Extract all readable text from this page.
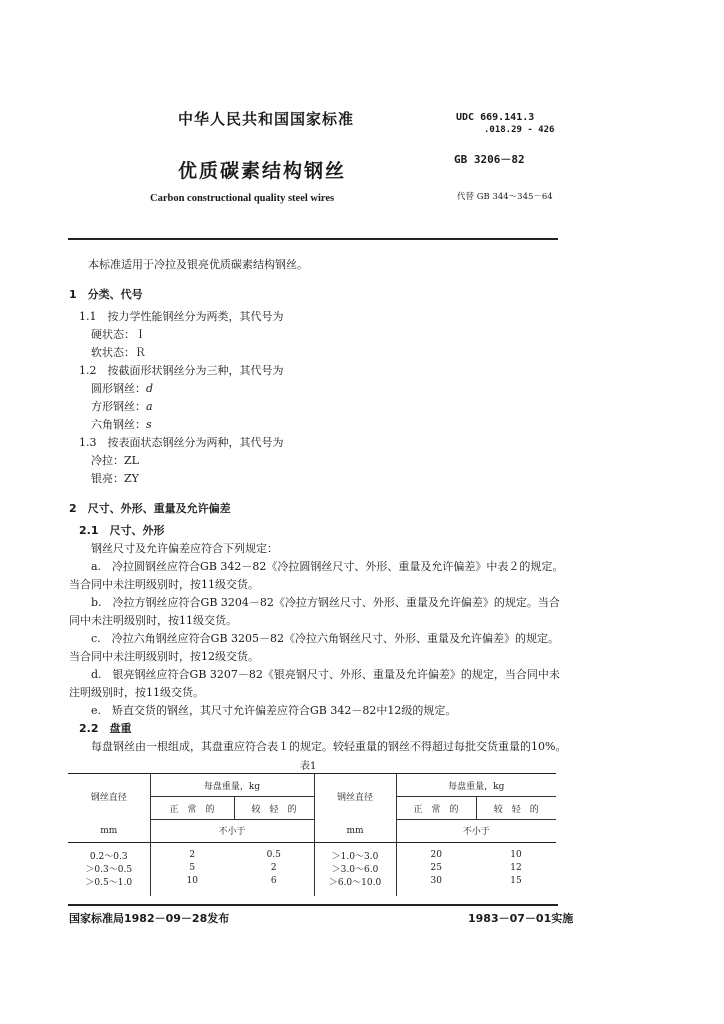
中华人民共和国国家标准	UDC 669.141.3
.018.29 - 426
GB 3206－82
优质碳素结构钢丝
Carbon constructional quality steel wires	代替 GB 344～345－64
本标准适用于冷拉及银亮优质碳素结构钢丝。
1　分类、代号
1.1　按力学性能钢丝分为两类，其代号为
硬状态：Ｉ
软状态：Ｒ
1.2　按截面形状钢丝分为三种，其代号为
圆形钢丝：d
方形钢丝：a
六角钢丝：s
1.3　按表面状态钢丝分为两种，其代号为
冷拉：ZL
银亮：ZY
2　尺寸、外形、重量及允许偏差
2.1　尺寸、外形
钢丝尺寸及允许偏差应符合下列规定：
a.　冷拉圆钢丝应符合GB 342－82《冷拉圆钢丝尺寸、外形、重量及允许偏差》中表２的规定。
当合同中未注明级别时，按11级交货。
b.　冷拉方钢丝应符合GB 3204－82《冷拉方钢丝尺寸、外形、重量及允许偏差》的规定。当合
同中未注明级别时，按11级交货。
c.　冷拉六角钢丝应符合GB 3205－82《冷拉六角钢丝尺寸、外形、重量及允许偏差》的规定。
当合同中未注明级别时，按12级交货。
d.　银亮钢丝应符合GB 3207－82《银亮钢尺寸、外形、重量及允许偏差》的规定，当合同中未
注明级别时，按11级交货。
e.　矫直交货的钢丝，其尺寸允许偏差应符合GB 342－82中12级的规定。
2.2　盘重
每盘钢丝由一根组成，其盘重应符合表１的规定。较轻重量的钢丝不得超过每批交货重量的10%。
表1
钢丝直径	每盘重量，kg		钢丝直径	每盘重量，kg	
	正　常　的	较　轻　的		正　常　的	较　轻　的
mm	不小于		mm	不小于	
0.2～0.3	2	0.5	＞1.0～3.0	20	10
＞0.3～0.5	5	2	＞3.0～6.0	25	12
＞0.5～1.0	10	6	＞6.0～10.0	30	15
国家标准局1982－09－28发布	1983－07－01实施
